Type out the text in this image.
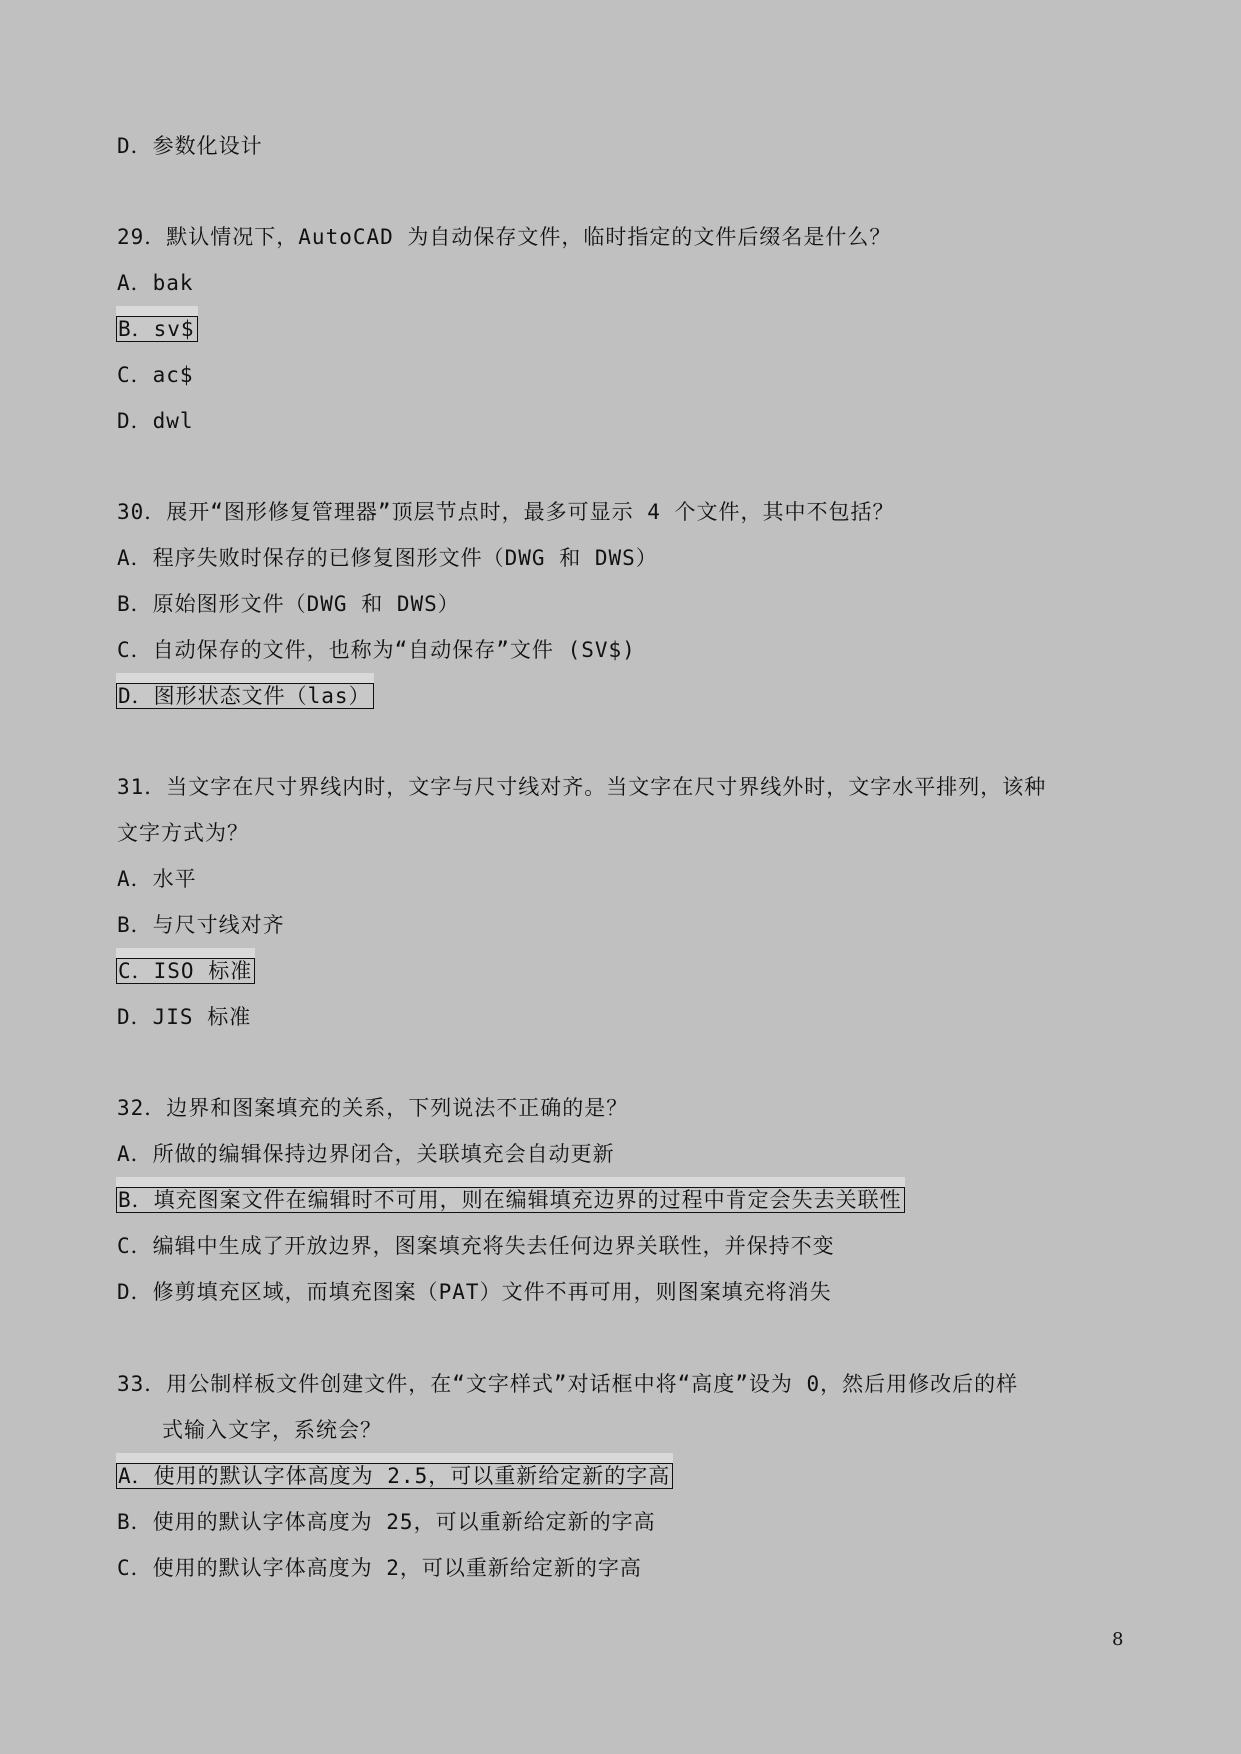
D．参数化设计
29．默认情况下，AutoCAD 为自动保存文件，临时指定的文件后缀名是什么？
A．bak
B．sv$
C．ac$
D．dwl
30．展开“图形修复管理器”顶层节点时，最多可显示 4 个文件，其中不包括？
A．程序失败时保存的已修复图形文件（DWG 和 DWS）
B．原始图形文件（DWG 和 DWS）
C．自动保存的文件，也称为“自动保存”文件 (SV$)
D．图形状态文件（las）
31．当文字在尺寸界线内时，文字与尺寸线对齐。当文字在尺寸界线外时，文字水平排列，该种
文字方式为？
A．水平
B．与尺寸线对齐
C．ISO 标准
D．JIS 标准
32．边界和图案填充的关系，下列说法不正确的是？
A．所做的编辑保持边界闭合，关联填充会自动更新
B．填充图案文件在编辑时不可用，则在编辑填充边界的过程中肯定会失去关联性
C．编辑中生成了开放边界，图案填充将失去任何边界关联性，并保持不变
D．修剪填充区域，而填充图案（PAT）文件不再可用，则图案填充将消失
33．用公制样板文件创建文件，在“文字样式”对话框中将“高度”设为 0，然后用修改后的样
式输入文字，系统会？
A．使用的默认字体高度为 2.5，可以重新给定新的字高
B．使用的默认字体高度为 25，可以重新给定新的字高
C．使用的默认字体高度为 2，可以重新给定新的字高
8
